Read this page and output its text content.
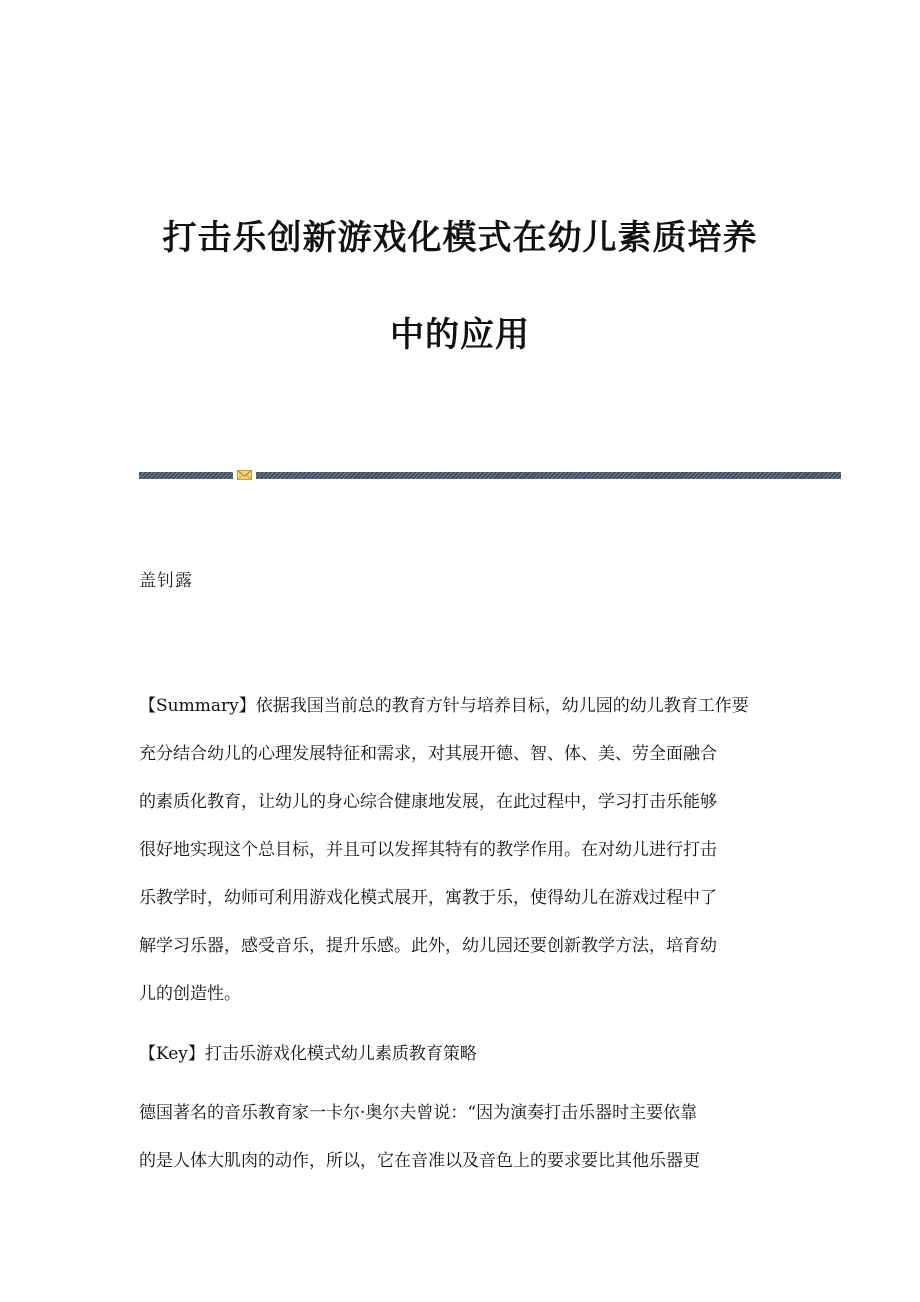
打击乐创新游戏化模式在幼儿素质培养
中的应用
盖钊露
【Summary】依据我国当前总的教育方针与培养目标，幼儿园的幼儿教育工作要
充分结合幼儿的心理发展特征和需求，对其展开德、智、体、美、劳全面融合
的素质化教育，让幼儿的身心综合健康地发展，在此过程中，学习打击乐能够
很好地实现这个总目标，并且可以发挥其特有的教学作用。在对幼儿进行打击
乐教学时，幼师可利用游戏化模式展开，寓教于乐，使得幼儿在游戏过程中了
解学习乐器，感受音乐，提升乐感。此外，幼儿园还要创新教学方法，培育幼
儿的创造性。
【Key】打击乐游戏化模式幼儿素质教育策略
德国著名的音乐教育家一卡尔·奥尔夫曾说：“因为演奏打击乐器时主要依靠
的是人体大肌肉的动作，所以，它在音准以及音色上的要求要比其他乐器更
